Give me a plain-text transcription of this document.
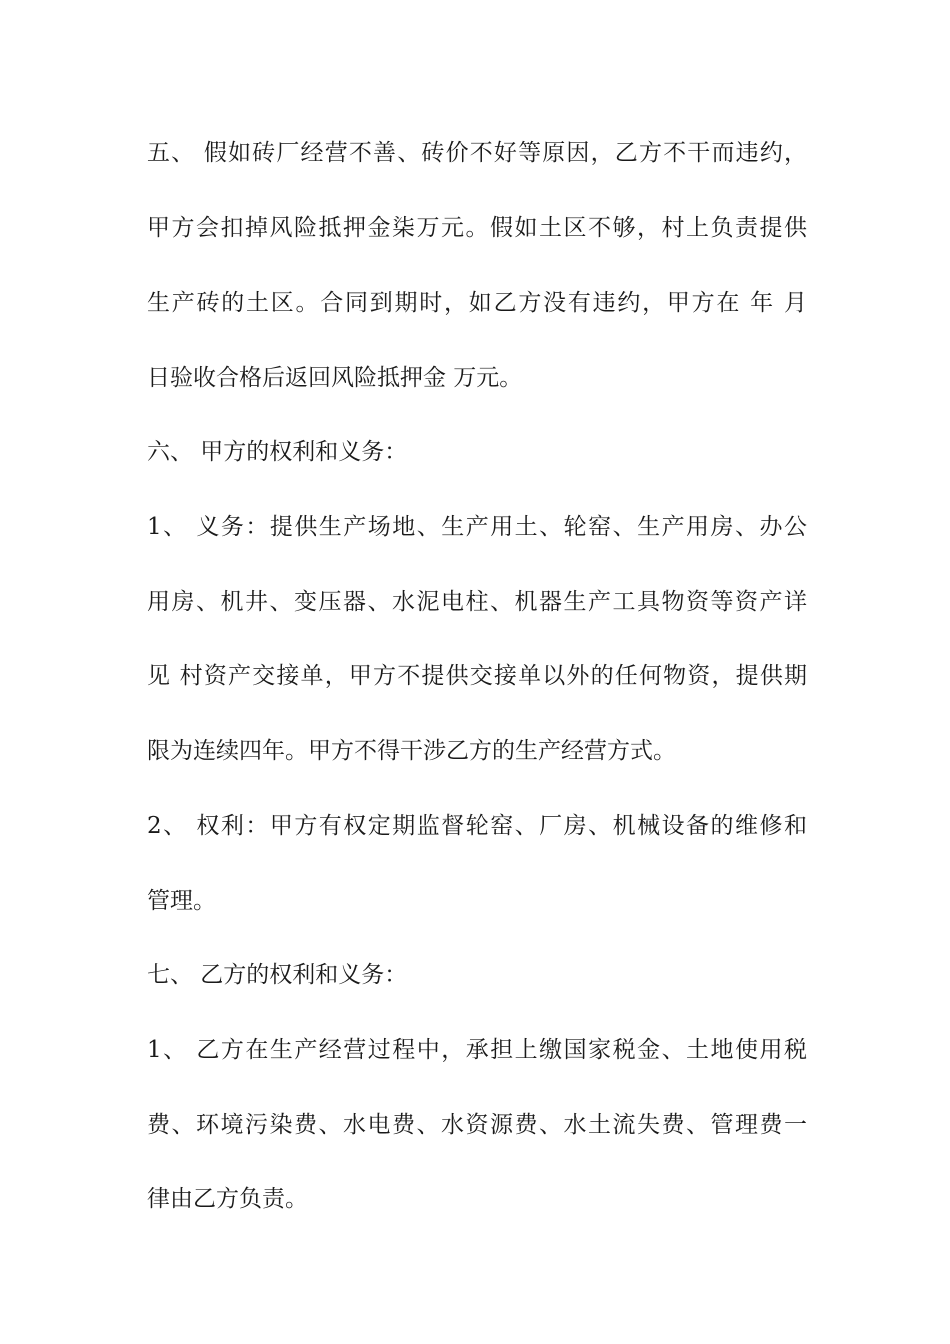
五、 假如砖厂经营不善、砖价不好等原因，乙方不干而违约，
甲方会扣掉风险抵押金柒万元。假如土区不够，村上负责提供
生产砖的土区。合同到期时，如乙方没有违约，甲方在 年 月
日验收合格后返回风险抵押金 万元。
六、 甲方的权利和义务：
1、 义务：提供生产场地、生产用土、轮窑、生产用房、办公
用房、机井、变压器、水泥电柱、机器生产工具物资等资产详
见 村资产交接单，甲方不提供交接单以外的任何物资，提供期
限为连续四年。甲方不得干涉乙方的生产经营方式。
2、 权利：甲方有权定期监督轮窑、厂房、机械设备的维修和
管理。
七、 乙方的权利和义务：
1、 乙方在生产经营过程中，承担上缴国家税金、土地使用税
费、环境污染费、水电费、水资源费、水土流失费、管理费一
律由乙方负责。
